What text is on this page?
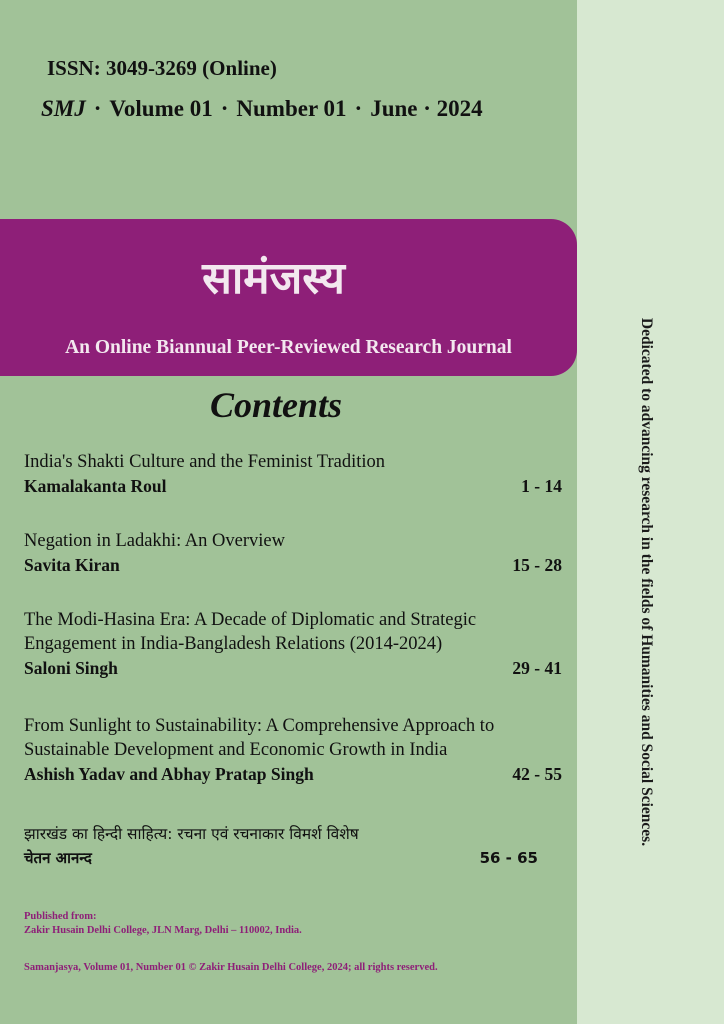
Dedicated to advancing research in the fields of Humanities and Social Sciences.
ISSN: 3049-3269 (Online)
SMJ · Volume 01 · Number 01 · June · 2024
सामंजस्य
An Online Biannual Peer-Reviewed Research Journal
Contents
India's Shakti Culture and the Feminist Tradition
Kamalakanta Roul	1 - 14
Negation in Ladakhi: An Overview
Savita Kiran	15 - 28
The Modi-Hasina Era: A Decade of Diplomatic and Strategic Engagement in India-Bangladesh Relations (2014-2024)
Saloni Singh	29 - 41
From Sunlight to Sustainability: A Comprehensive Approach to Sustainable Development and Economic Growth in India
Ashish Yadav and Abhay Pratap Singh	42 - 55
झारखंड का हिन्दी साहित्य: रचना एवं रचनाकार विमर्श विशेष
चेतन आनन्द	56 - 65
Published from:
Zakir Husain Delhi College, JLN Marg, Delhi – 110002, India.
Samanjasya, Volume 01, Number 01 © Zakir Husain Delhi College, 2024; all rights reserved.
